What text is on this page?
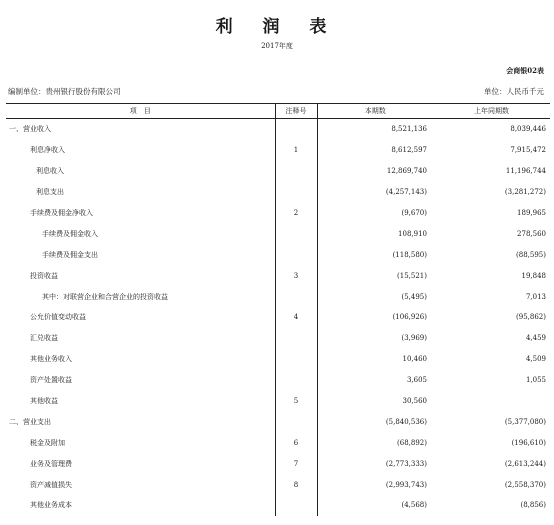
利 润 表
2017年度
会商银02表
编制单位：贵州银行股份有限公司	单位：人民币千元
项　目	注释号	本期数	上年同期数
一、营业收入		8,521,136	8,039,446
利息净收入	1	8,612,597	7,915,472
利息收入		12,869,740	11,196,744
利息支出		(4,257,143)	(3,281,272)
手续费及佣金净收入	2	(9,670)	189,965
手续费及佣金收入		108,910	278,560
手续费及佣金支出		(118,580)	(88,595)
投资收益	3	(15,521)	19,848
其中：对联营企业和合营企业的投资收益		(5,495)	7,013
公允价值变动收益	4	(106,926)	(95,862)
汇兑收益		(3,969)	4,459
其他业务收入		10,460	4,509
资产处置收益		3,605	1,055
其他收益	5	30,560	
二、营业支出		(5,840,536)	(5,377,080)
税金及附加	6	(68,892)	(196,610)
业务及管理费	7	(2,773,333)	(2,613,244)
资产减值损失	8	(2,993,743)	(2,558,370)
其他业务成本		(4,568)	(8,856)
